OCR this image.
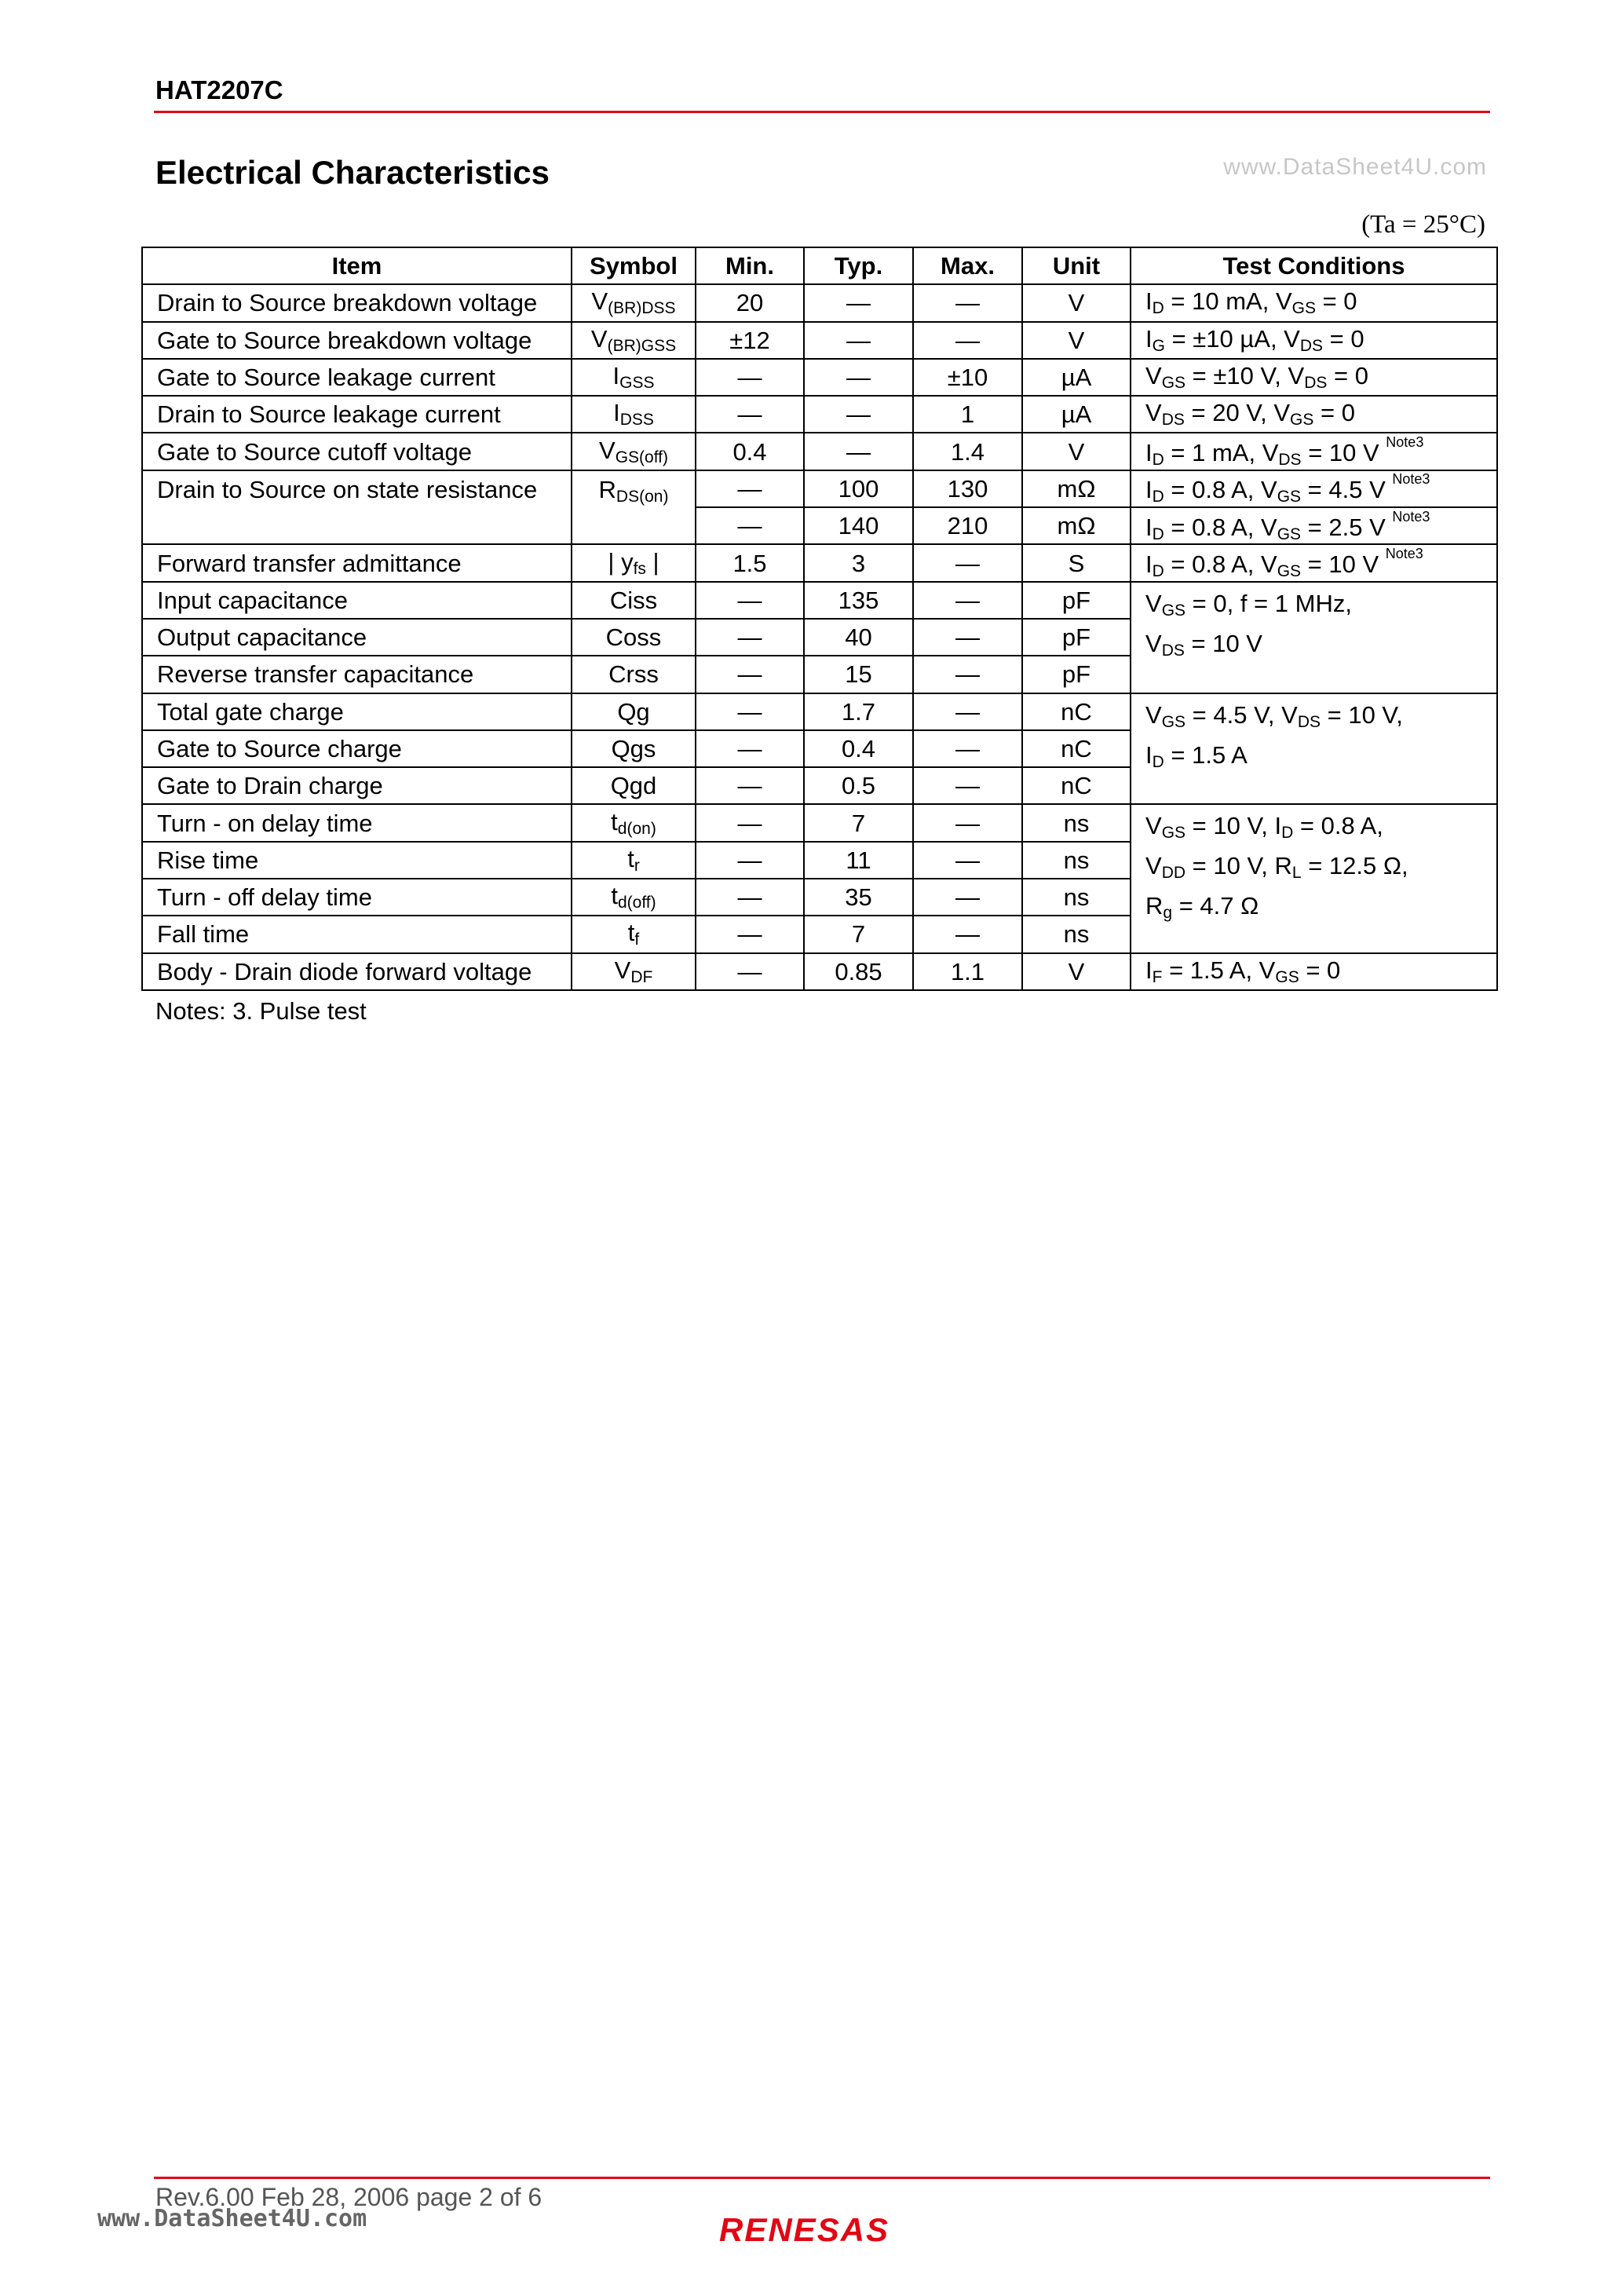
HAT2207C
Electrical Characteristics	www.DataSheet4U.com
(Ta = 25°C)
Item	Symbol	Min.	Typ.	Max.	Unit	Test Conditions
Drain to Source breakdown voltage	$V_{(BR)DSS}$	20	—	—	V	$I_D = 10$ mA, $V_{GS} = 0$
Gate to Source breakdown voltage	$V_{(BR)GSS}$	±12	—	—	V	$I_G = \pm 10$ µA, $V_{DS} = 0$
Gate to Source leakage current	$I_{GSS}$	—	—	±10	µA	$V_{GS} = \pm 10$ V, $V_{DS} = 0$
Drain to Source leakage current	$I_{DSS}$	—	—	1	µA	$V_{DS} = 20$ V, $V_{GS} = 0$
Gate to Source cutoff voltage	$V_{GS(off)}$	0.4	—	1.4	V	$I_D = 1$ mA, $V_{DS} = 10$ V $^{Note3}$
Drain to Source on state resistance	$R_{DS(on)}$	—	100	130	mΩ	$I_D = 0.8$ A, $V_{GS} = 4.5$ V $^{Note3}$
		—	140	210	mΩ	$I_D = 0.8$ A, $V_{GS} = 2.5$ V $^{Note3}$
Forward transfer admittance	| $y_{fs}$ |	1.5	3	—	S	$I_D = 0.8$ A, $V_{GS} = 10$ V $^{Note3}$
Input capacitance	Ciss	—	135	—	pF	$V_{GS} = 0$, f = 1 MHz,
$V_{DS} = 10$ V
Output capacitance	Coss	—	40	—	pF	
Reverse transfer capacitance	Crss	—	15	—	pF	
Total gate charge	Qg	—	1.7	—	nC	$V_{GS} = 4.5$ V, $V_{DS} = 10$ V,
$I_D = 1.5$ A
Gate to Source charge	Qgs	—	0.4	—	nC	
Gate to Drain charge	Qgd	—	0.5	—	nC	
Turn - on delay time	$t_{d(on)}$	—	7	—	ns	$V_{GS} = 10$ V, $I_D = 0.8$ A,
$V_{DD} = 10$ V, $R_L = 12.5$ Ω,
$R_g = 4.7$ Ω
Rise time	$t_r$	—	11	—	ns	
Turn - off delay time	$t_{d(off)}$	—	35	—	ns	
Fall time	$t_f$	—	7	—	ns	
Body - Drain diode forward voltage	$V_{DF}$	—	0.85	1.1	V	$I_F = 1.5$ A, $V_{GS} = 0$
Notes: 3. Pulse test
Rev.6.00 Feb 28, 2006 page 2 of 6
www.DataSheet4U.com	RENESAS
